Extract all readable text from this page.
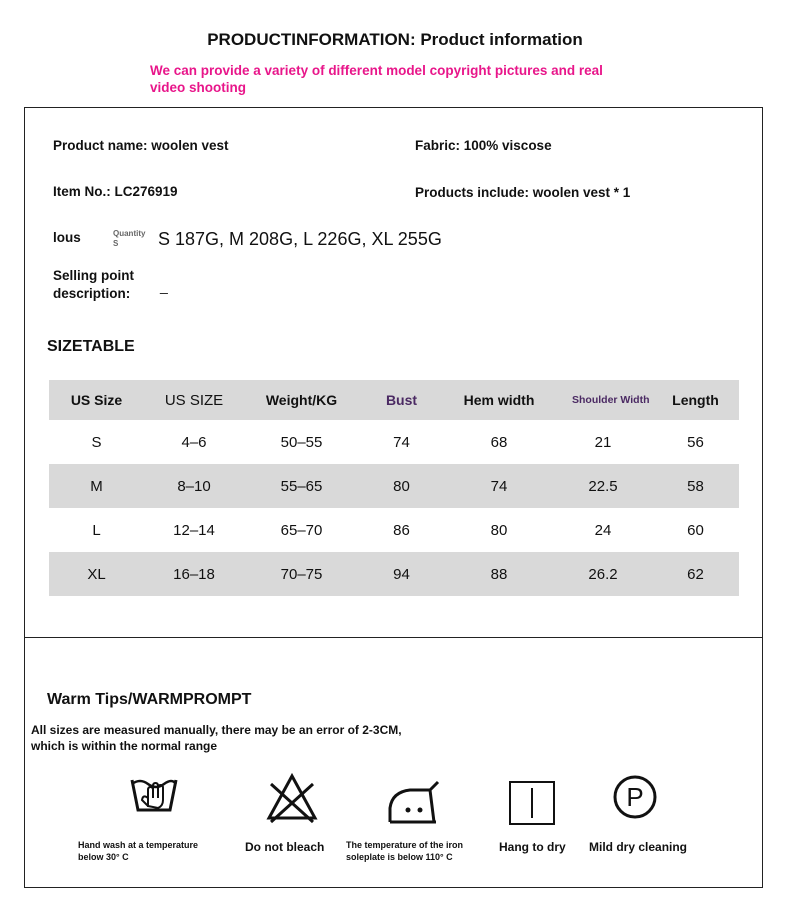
PRODUCTINFORMATION: Product information
We can provide a variety of different model copyright pictures and real
video shooting
Product name: woolen vest	Fabric: 100% viscose
Item No.: LC276919	Products include: woolen vest * 1
lous	Quantity
S	S 187G, M 208G, L 226G, XL 255G
Selling point
description: _
SIZETABLE
US Size	US SIZE	Weight/KG	Bust	Hem width	Shoulder Width	Length
S	4–6	50–55	74	68	21	56
M	8–10	55–65	80	74	22.5	58
L	12–14	65–70	86	80	24	60
XL	16–18	70–75	94	88	26.2	62
Warm Tips/WARMPROMPT
All sizes are measured manually, there may be an error of 2-3CM,
which is within the normal range
P
Hand wash at a temperature
below 30° C
Do not bleach The temperature of the iron
soleplate is below 110° C
Hang to dry Mild dry cleaning
